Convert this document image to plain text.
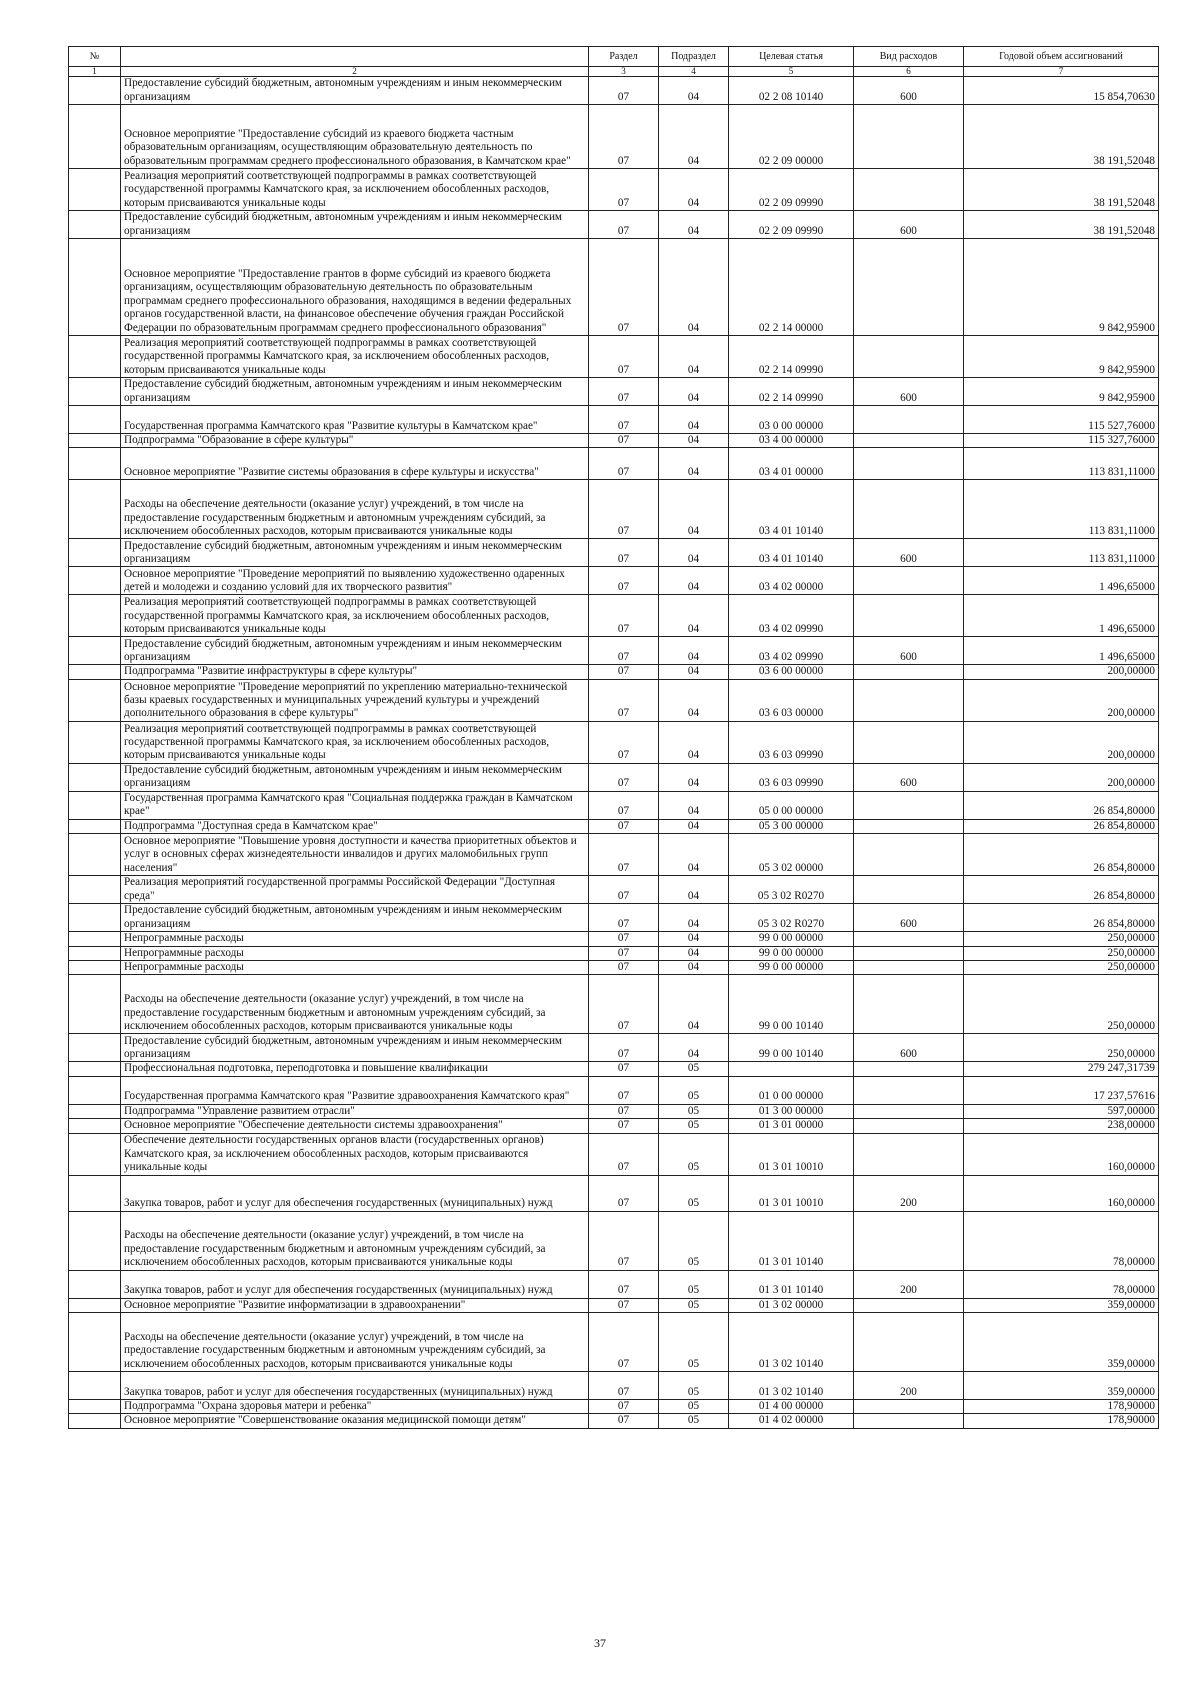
№		Раздел	Подраздел	Целевая статья	Вид расходов	Годовой объем ассигнований
1	2	3	4	5	6	7
	Предоставление субсидий бюджетным, автономным учреждениям и иным некоммерческим организациям	07	04	02 2 08 10140	600	15 854,70630
	Основное мероприятие "Предоставление субсидий из краевого бюджета частным образовательным организациям, осуществляющим образовательную деятельность по образовательным программам среднего профессионального образования, в Камчатском крае"	07	04	02 2 09 00000		38 191,52048
	Реализация мероприятий соответствующей подпрограммы в рамках соответствующей государственной программы Камчатского края, за исключением обособленных расходов, которым присваиваются уникальные коды	07	04	02 2 09 09990		38 191,52048
	Предоставление субсидий бюджетным, автономным учреждениям и иным некоммерческим организациям	07	04	02 2 09 09990	600	38 191,52048
	Основное мероприятие "Предоставление грантов в форме субсидий из краевого бюджета организациям, осуществляющим образовательную деятельность по образовательным программам среднего профессионального образования, находящимся в ведении федеральных органов государственной власти, на финансовое обеспечение обучения граждан Российской Федерации по образовательным программам среднего профессионального образования"	07	04	02 2 14 00000		9 842,95900
	Реализация мероприятий соответствующей подпрограммы в рамках соответствующей государственной программы Камчатского края, за исключением обособленных расходов, которым присваиваются уникальные коды	07	04	02 2 14 09990		9 842,95900
	Предоставление субсидий бюджетным, автономным учреждениям и иным некоммерческим организациям	07	04	02 2 14 09990	600	9 842,95900
	Государственная программа Камчатского края "Развитие культуры в Камчатском крае"	07	04	03 0 00 00000		115 527,76000
	Подпрограмма "Образование в сфере культуры"	07	04	03 4 00 00000		115 327,76000
	Основное мероприятие "Развитие системы образования в сфере культуры и искусства"	07	04	03 4 01 00000		113 831,11000
	Расходы на обеспечение деятельности (оказание услуг) учреждений, в том числе на предоставление государственным бюджетным и автономным учреждениям субсидий, за исключением обособленных расходов, которым присваиваются уникальные коды	07	04	03 4 01 10140		113 831,11000
	Предоставление субсидий бюджетным, автономным учреждениям и иным некоммерческим организациям	07	04	03 4 01 10140	600	113 831,11000
	Основное мероприятие "Проведение мероприятий по выявлению художественно одаренных детей и молодежи и созданию условий для их творческого развития"	07	04	03 4 02 00000		1 496,65000
	Реализация мероприятий соответствующей подпрограммы в рамках соответствующей государственной программы Камчатского края, за исключением обособленных расходов, которым присваиваются уникальные коды	07	04	03 4 02 09990		1 496,65000
	Предоставление субсидий бюджетным, автономным учреждениям и иным некоммерческим организациям	07	04	03 4 02 09990	600	1 496,65000
	Подпрограмма "Развитие инфраструктуры в сфере культуры"	07	04	03 6 00 00000		200,00000
	Основное мероприятие "Проведение мероприятий по укреплению материально-технической базы краевых государственных и муниципальных учреждений культуры и учреждений дополнительного образования в сфере культуры"	07	04	03 6 03 00000		200,00000
	Реализация мероприятий соответствующей подпрограммы в рамках соответствующей государственной программы Камчатского края, за исключением обособленных расходов, которым присваиваются уникальные коды	07	04	03 6 03 09990		200,00000
	Предоставление субсидий бюджетным, автономным учреждениям и иным некоммерческим организациям	07	04	03 6 03 09990	600	200,00000
	Государственная программа Камчатского края "Социальная поддержка граждан в Камчатском крае"	07	04	05 0 00 00000		26 854,80000
	Подпрограмма "Доступная среда в Камчатском крае"	07	04	05 3 00 00000		26 854,80000
	Основное мероприятие "Повышение уровня доступности и качества приоритетных объектов и услуг в основных сферах жизнедеятельности инвалидов и других маломобильных групп населения"	07	04	05 3 02 00000		26 854,80000
	Реализация мероприятий государственной программы Российской Федерации "Доступная среда"	07	04	05 3 02 R0270		26 854,80000
	Предоставление субсидий бюджетным, автономным учреждениям и иным некоммерческим организациям	07	04	05 3 02 R0270	600	26 854,80000
	Непрограммные расходы	07	04	99 0 00 00000		250,00000
	Непрограммные расходы	07	04	99 0 00 00000		250,00000
	Непрограммные расходы	07	04	99 0 00 00000		250,00000
	Расходы на обеспечение деятельности (оказание услуг) учреждений, в том числе на предоставление государственным бюджетным и автономным учреждениям субсидий, за исключением обособленных расходов, которым присваиваются уникальные коды	07	04	99 0 00 10140		250,00000
	Предоставление субсидий бюджетным, автономным учреждениям и иным некоммерческим организациям	07	04	99 0 00 10140	600	250,00000
	Профессиональная подготовка, переподготовка и повышение квалификации	07	05			279 247,31739
	Государственная программа Камчатского края "Развитие здравоохранения Камчатского края"	07	05	01 0 00 00000		17 237,57616
	Подпрограмма "Управление развитием отрасли"	07	05	01 3 00 00000		597,00000
	Основное мероприятие "Обеспечение деятельности системы здравоохранения"	07	05	01 3 01 00000		238,00000
	Обеспечение деятельности государственных органов власти (государственных органов) Камчатского края, за исключением обособленных расходов, которым присваиваются уникальные коды	07	05	01 3 01 10010		160,00000
	Закупка товаров, работ и услуг для обеспечения государственных (муниципальных) нужд	07	05	01 3 01 10010	200	160,00000
	Расходы на обеспечение деятельности (оказание услуг) учреждений, в том числе на предоставление государственным бюджетным и автономным учреждениям субсидий, за исключением обособленных расходов, которым присваиваются уникальные коды	07	05	01 3 01 10140		78,00000
	Закупка товаров, работ и услуг для обеспечения государственных (муниципальных) нужд	07	05	01 3 01 10140	200	78,00000
	Основное мероприятие "Развитие информатизации в здравоохранении"	07	05	01 3 02 00000		359,00000
	Расходы на обеспечение деятельности (оказание услуг) учреждений, в том числе на предоставление государственным бюджетным и автономным учреждениям субсидий, за исключением обособленных расходов, которым присваиваются уникальные коды	07	05	01 3 02 10140		359,00000
	Закупка товаров, работ и услуг для обеспечения государственных (муниципальных) нужд	07	05	01 3 02 10140	200	359,00000
	Подпрограмма "Охрана здоровья матери и ребенка"	07	05	01 4 00 00000		178,90000
	Основное мероприятие "Совершенствование оказания медицинской помощи детям"	07	05	01 4 02 00000		178,90000
37
